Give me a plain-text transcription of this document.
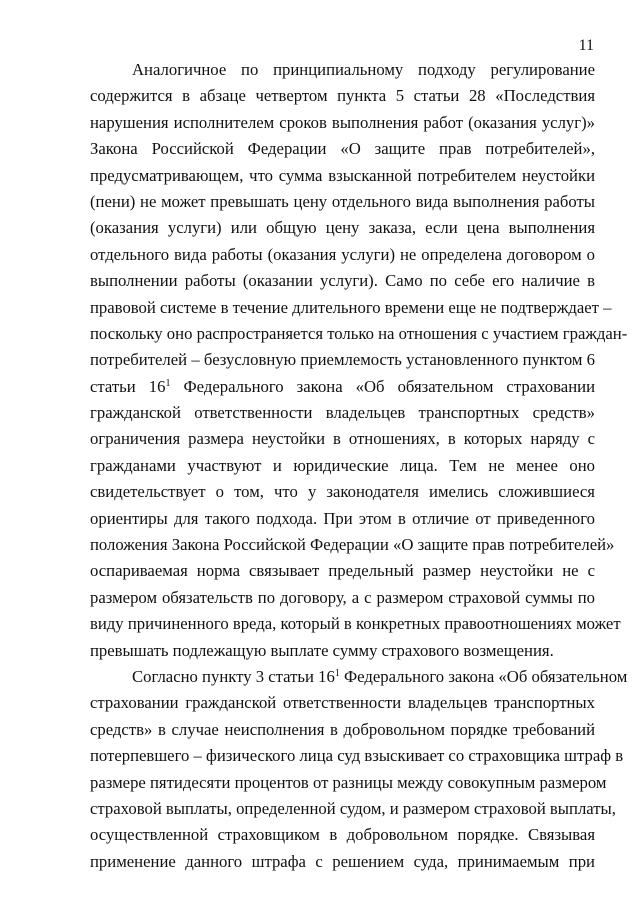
11
Аналогичное по принципиальному подходу регулирование
содержится в абзаце четвертом пункта 5 статьи 28 «Последствия
нарушения исполнителем сроков выполнения работ (оказания услуг)»
Закона Российской Федерации «О защите прав потребителей»,
предусматривающем, что сумма взысканной потребителем неустойки
(пени) не может превышать цену отдельного вида выполнения работы
(оказания услуги) или общую цену заказа, если цена выполнения
отдельного вида работы (оказания услуги) не определена договором о
выполнении работы (оказании услуги). Само по себе его наличие в
правовой системе в течение длительного времени еще не подтверждает –
поскольку оно распространяется только на отношения с участием граждан-
потребителей – безусловную приемлемость установленного пунктом 6
статьи $16^1$ Федерального закона «Об обязательном страховании
гражданской ответственности владельцев транспортных средств»
ограничения размера неустойки в отношениях, в которых наряду с
гражданами участвуют и юридические лица. Тем не менее оно
свидетельствует о том, что у законодателя имелись сложившиеся
ориентиры для такого подхода. При этом в отличие от приведенного
положения Закона Российской Федерации «О защите прав потребителей»
оспариваемая норма связывает предельный размер неустойки не с
размером обязательств по договору, а с размером страховой суммы по
виду причиненного вреда, который в конкретных правоотношениях может
превышать подлежащую выплате сумму страхового возмещения.
Согласно пункту 3 статьи $16^1$ Федерального закона «Об обязательном
страховании гражданской ответственности владельцев транспортных
средств» в случае неисполнения в добровольном порядке требований
потерпевшего – физического лица суд взыскивает со страховщика штраф в
размере пятидесяти процентов от разницы между совокупным размером
страховой выплаты, определенной судом, и размером страховой выплаты,
осуществленной страховщиком в добровольном порядке. Связывая
применение данного штрафа с решением суда, принимаемым при
